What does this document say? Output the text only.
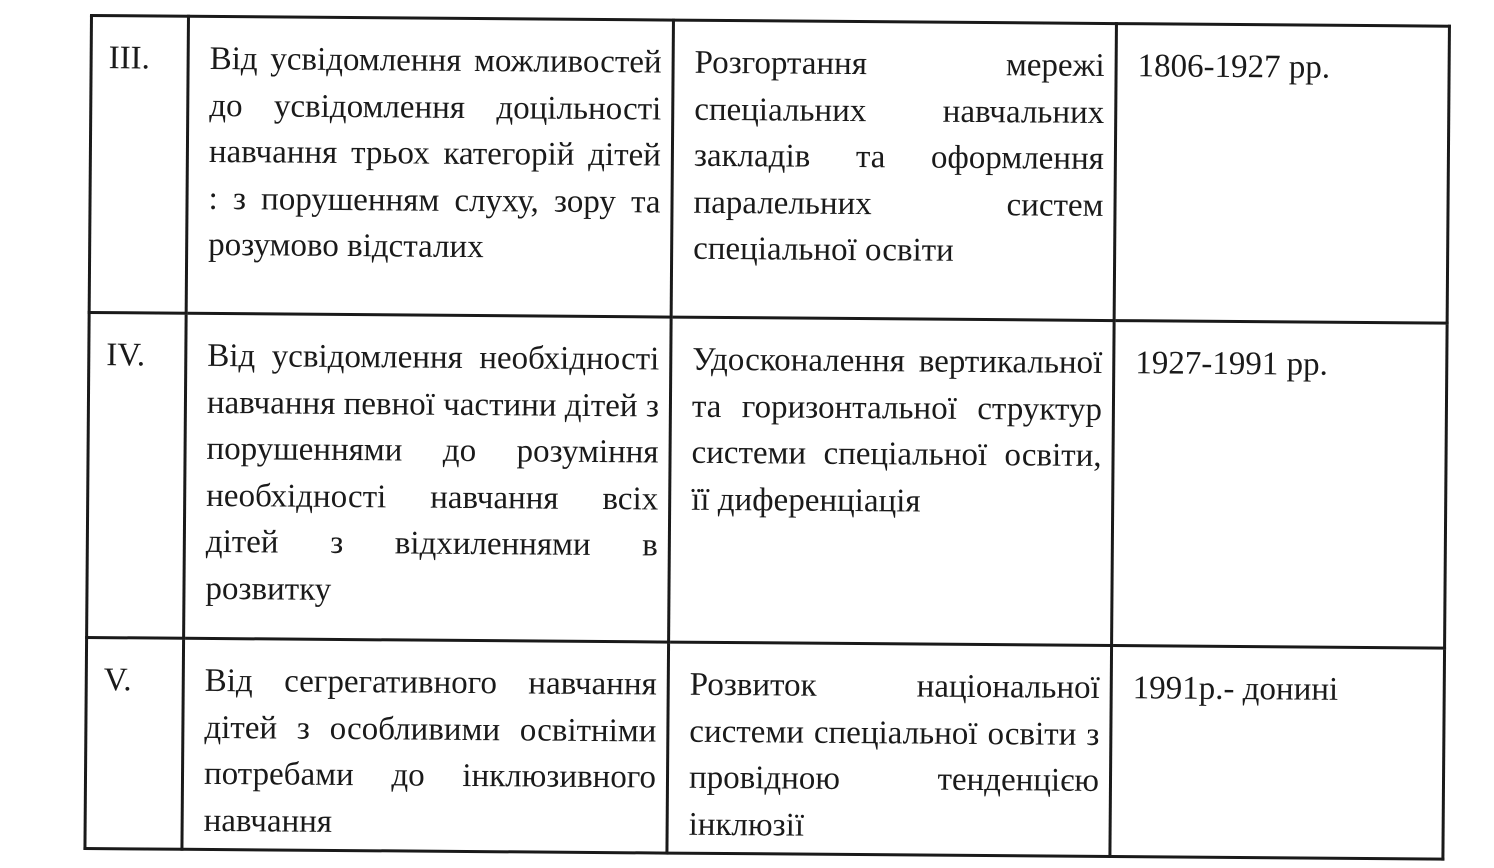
III.	Від усвідомлення можливостей до усвідомлення доцільності навчання трьох категорій дітей : з порушенням слуху, зору та розумово відсталих	Розгортання мережі спеціальних навчальних закладів та оформлення паралельних систем спеціальної освіти	1806-1927 рр.

IV.	Від усвідомлення необхідності навчання певної частини дітей з порушеннями до розуміння необхідності навчання всіх дітей з відхиленнями в розвитку	Удосконалення вертикальної та горизонтальної структур системи спеціальної освіти, її диференціація	1927-1991 рр.

V.	Від сегрегативного навчання дітей з особливими освітніми потребами до інклюзивного навчання	Розвиток національної системи спеціальної освіти з провідною тенденцією інклюзії	1991р.- донині
